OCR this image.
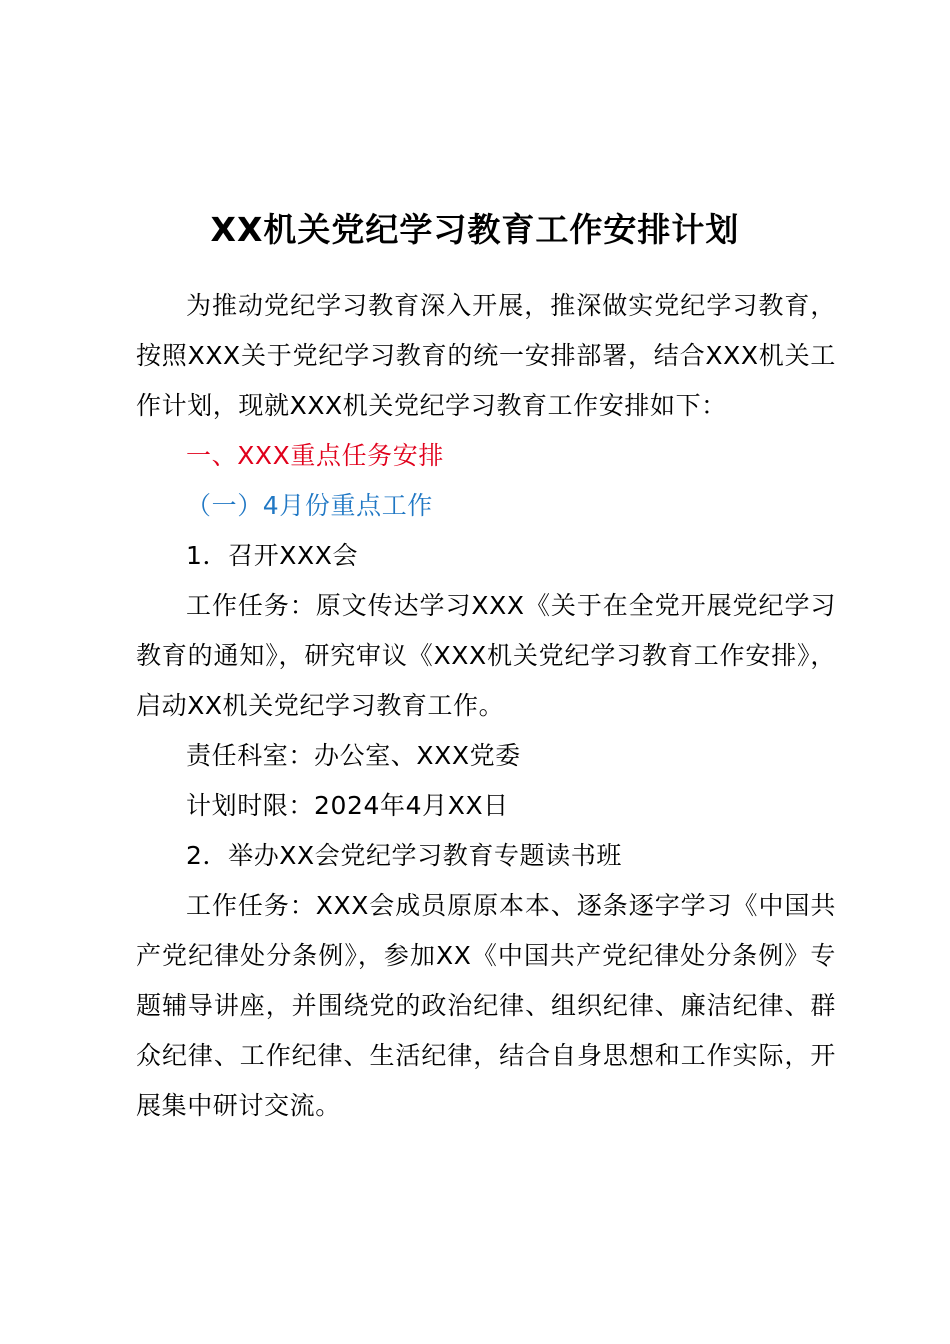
XX机关党纪学习教育工作安排计划

为推动党纪学习教育深入开展，推深做实党纪学习教育，按照XXX关于党纪学习教育的统一安排部署，结合XXX机关工作计划，现就XXX机关党纪学习教育工作安排如下：

一、XXX重点任务安排

（一）4月份重点工作

1．召开XXX会

工作任务：原文传达学习XXX《关于在全党开展党纪学习教育的通知》，研究审议《XXX机关党纪学习教育工作安排》，启动XX机关党纪学习教育工作。

责任科室：办公室、XXX党委

计划时限：2024年4月XX日

2．举办XX会党纪学习教育专题读书班

工作任务：XXX会成员原原本本、逐条逐字学习《中国共产党纪律处分条例》，参加XX《中国共产党纪律处分条例》专题辅导讲座，并围绕党的政治纪律、组织纪律、廉洁纪律、群众纪律、工作纪律、生活纪律，结合自身思想和工作实际，开展集中研讨交流。
